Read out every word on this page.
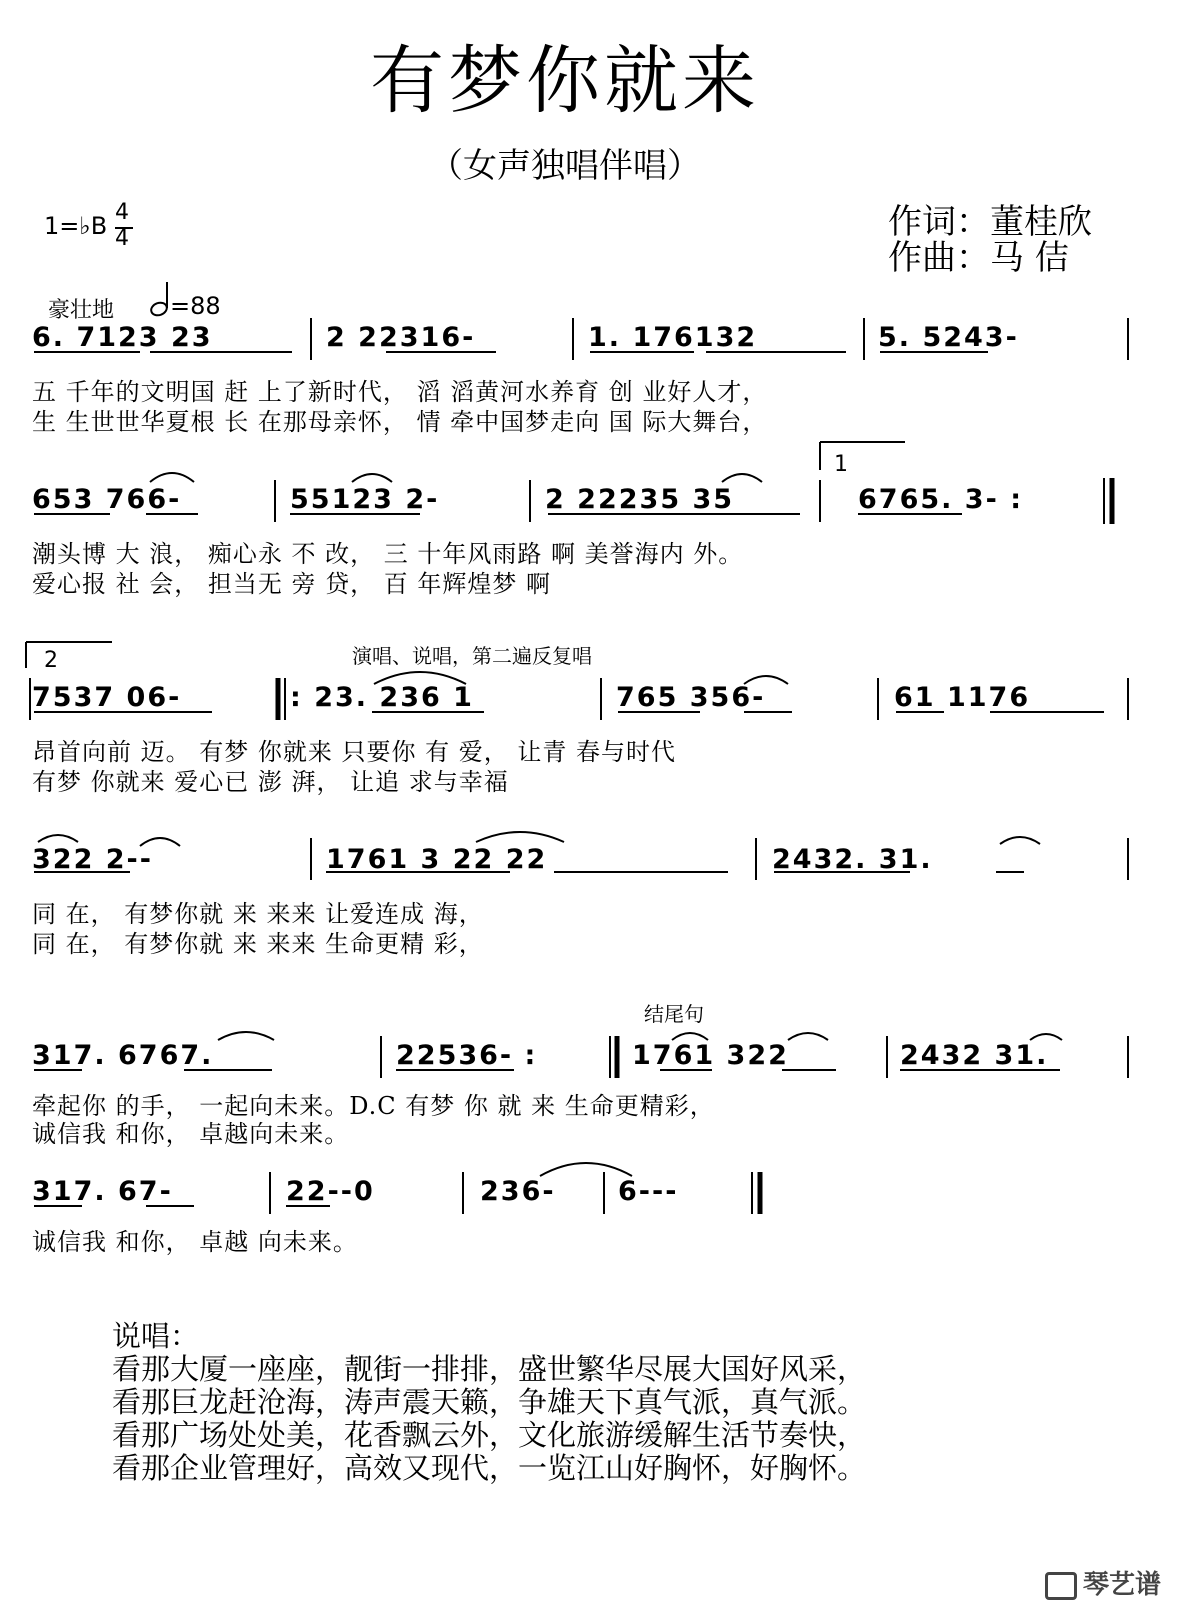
有梦你就来
（女声独唱伴唱）
1=♭B 4
4	作词：董桂欣
作曲：马 佶
豪壮地	=88
6. 7123 23	2 22316-	1. 176132	5. 5243-
五 千年的文明国 赶 上了新时代， 滔 滔黄河水养育 创 业好人才，
生 生世世华夏根 长 在那母亲怀， 情 牵中国梦走向 国 际大舞台，
1
653 766-	55123 2-	2 22235 35	6765. 3- :
潮头博 大 浪， 痴心永 不 改， 三 十年风雨路 啊 美誉海内 外。
爱心报 社 会， 担当无 旁 贷， 百 年辉煌梦 啊
2	演唱、说唱，第二遍反复唱
7537 06-	: 23. 236 1	765 356-	61 1176
昂首向前 迈。 有梦 你就来 只要你 有 爱， 让青 春与时代
有梦 你就来 爱心已 澎 湃， 让追 求与幸福
322 2--	1761 3 22 22	2432. 31.
同 在， 有梦你就 来 来来 让爱连成 海，
同 在， 有梦你就 来 来来 生命更精 彩，
结尾句
317. 6767.	22536- :	1761 322	2432 31.
牵起你 的手， 一起向未来。D.C 有梦 你 就 来 生命更精彩，
诚信我 和你， 卓越向未来。
317. 67-	22--0	236- 6---
诚信我 和你， 卓越 向未来。
说唱：
看那大厦一座座，靓街一排排，盛世繁华尽展大国好风采，
看那巨龙赶沧海，涛声震天籁，争雄天下真气派，真气派。
看那广场处处美，花香飘云外，文化旅游缓解生活节奏快，
看那企业管理好，高效又现代，一览江山好胸怀，好胸怀。
琴艺谱
